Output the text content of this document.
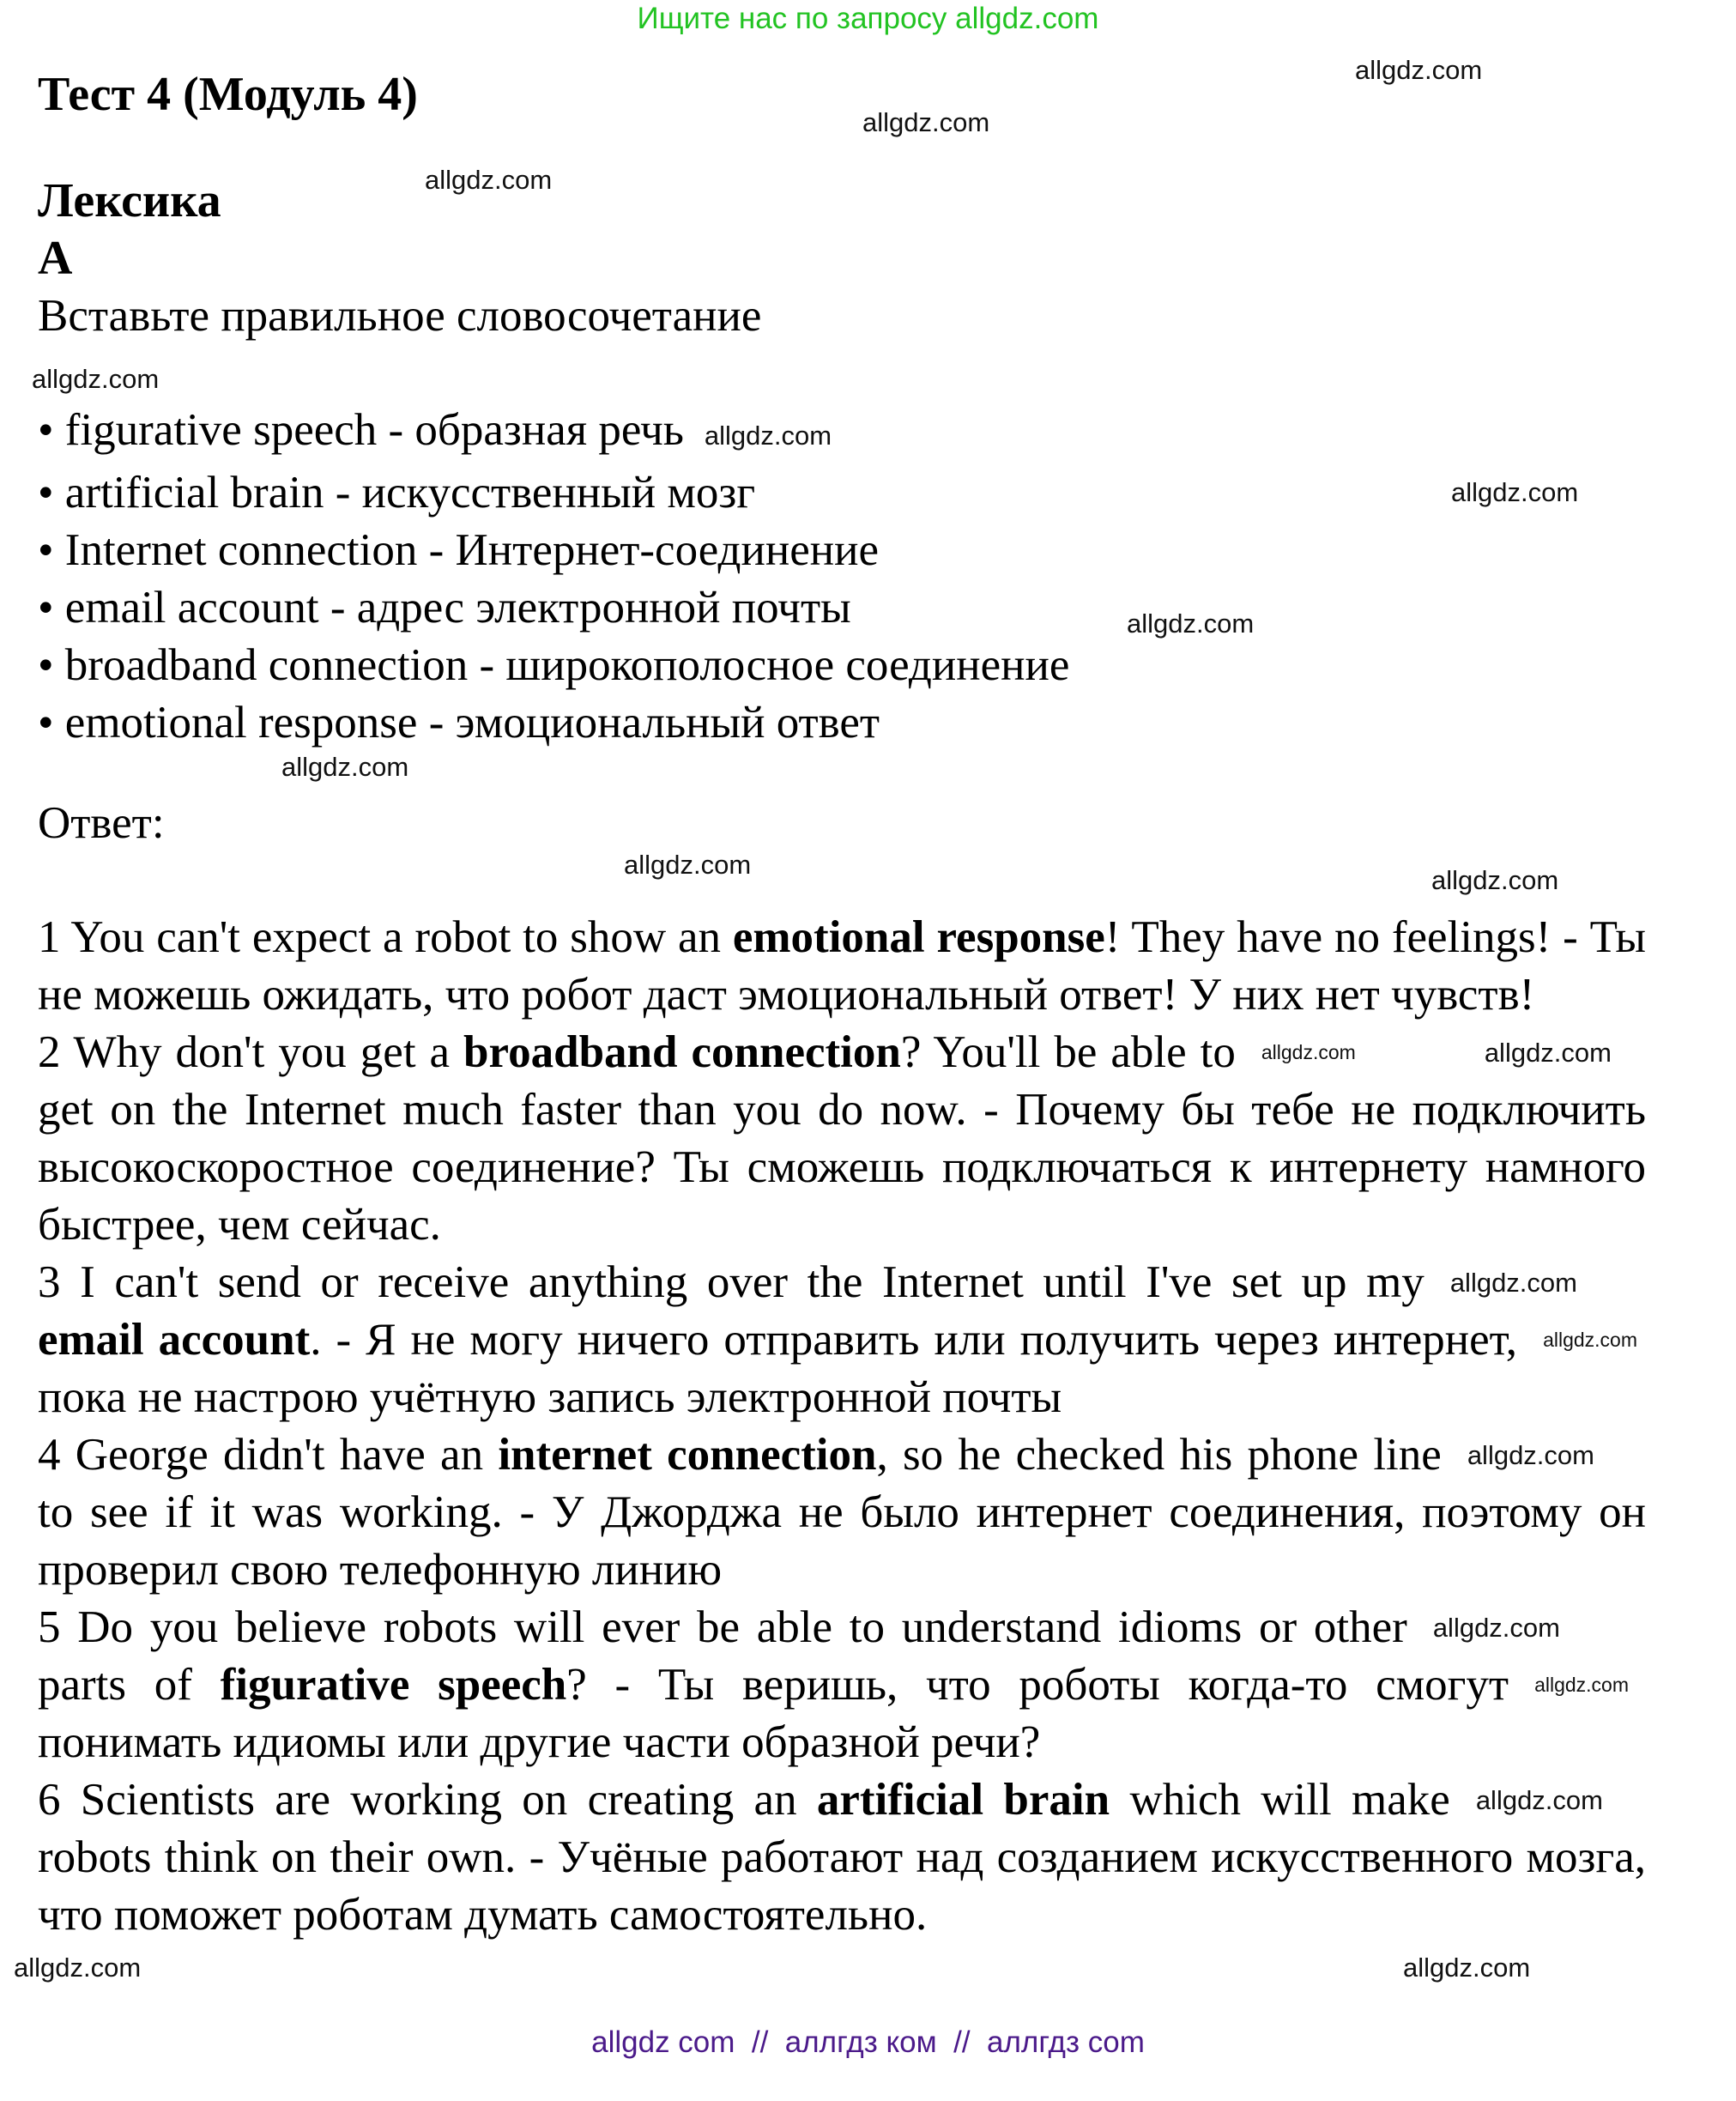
Ищите нас по запросу allgdz.com
allgdz.com
allgdz.com
allgdz.com
allgdz.com
allgdz.com
allgdz.com
allgdz.com
allgdz.com
allgdz.com
Тест 4 (Модуль 4)
Лексика
A
Вставьте правильное словосочетание
• figurative speech - образная речь allgdz.com
• artificial brain - искусственный мозг
• Internet connection - Интернет-соединение
• email account - адрес электронной почты
• broadband connection - широкополосное соединение
• emotional response - эмоциональный ответ
Ответ:

1 You can't expect a robot to show an emotional response! They have no feelings! - Ты не можешь ожидать, что робот даст эмоциональный ответ! У них нет чувств!

allgdz.com
2 Why don't you get a broadband connection	allgdz.com
? You'll be able to get on the Internet much faster than you do now. - Почему бы тебе не подключить высокоскоростное соединение? Ты сможешь подключаться к интернету намного быстрее, чем сейчас.

allgdz.com
3 I can't send or receive anything over the Internet until I've set up my
allgdz.com
email account. - Я не могу ничего отправить или получить через интернет, пока не настрою учётную запись электронной почты

allgdz.com
4 George didn't have an internet connection, so he checked his phone line to see if it was working. - У Джорджа не было интернет соединения, поэтому он проверил свою телефонную линию

allgdz.com
5 Do you believe robots will ever be able to understand idioms or other parts of	allgdz.com
figurative speech? - Ты веришь, что роботы когда-то смогут понимать идиомы или другие части образной речи?

allgdz.com
6 Scientists are working on creating an artificial brain which will make robots think on their own. - Учёные работают над созданием искусственного мозга, что поможет роботам думать самостоятельно.

allgdz.com	allgdz.com
allgdz com  //  аллгдз ком  //  аллгдз com
